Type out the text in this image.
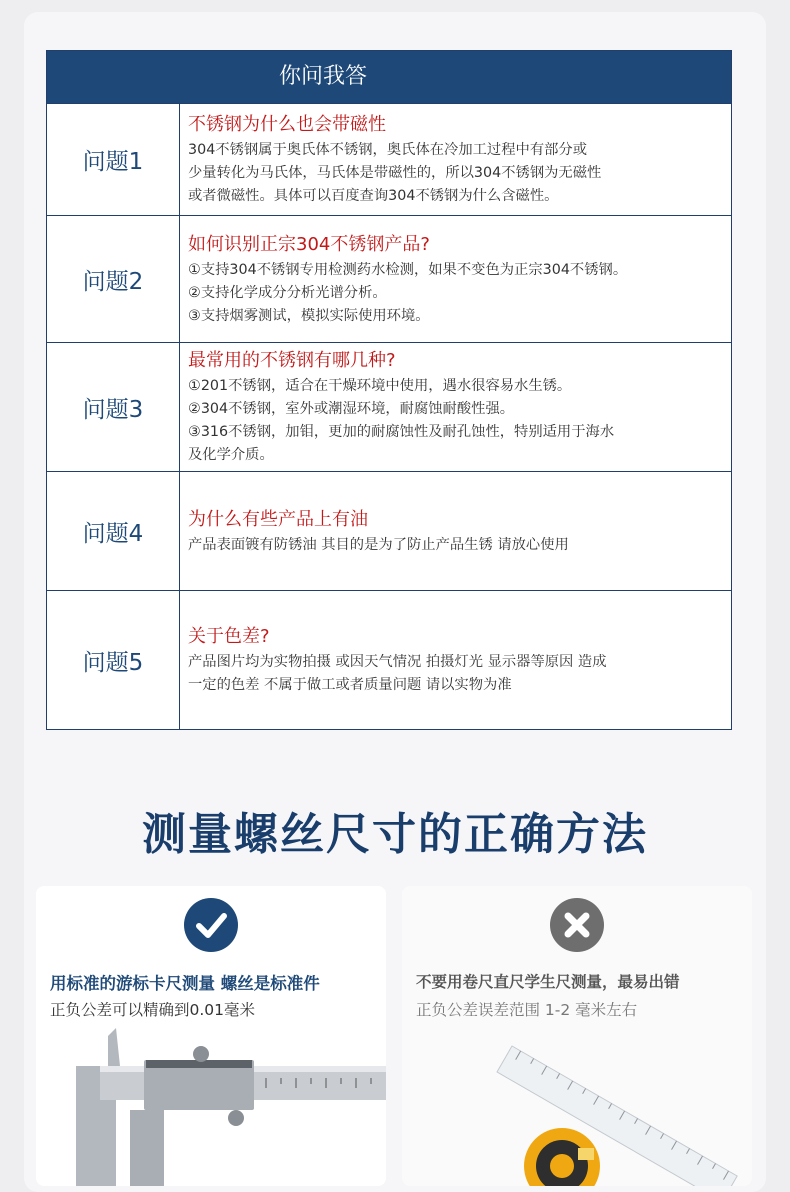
你问我答	

问题1	不锈钢为什么也会带磁性
304不锈钢属于奥氏体不锈钢，奥氏体在冷加工过程中有部分或
少量转化为马氏体，马氏体是带磁性的，所以304不锈钢为无磁性
或者微磁性。具体可以百度查询304不锈钢为什么含磁性。

问题2	如何识别正宗304不锈钢产品?
①支持304不锈钢专用检测药水检测，如果不变色为正宗304不锈钢。
②支持化学成分分析光谱分析。
③支持烟雾测试，模拟实际使用环境。

问题3	最常用的不锈钢有哪几种?
①201不锈钢，适合在干燥环境中使用，遇水很容易水生锈。
②304不锈钢，室外或潮湿环境，耐腐蚀耐酸性强。
③316不锈钢，加钼，更加的耐腐蚀性及耐孔蚀性，特别适用于海水
及化学介质。

问题4	为什么有些产品上有油
产品表面镀有防锈油 其目的是为了防止产品生锈 请放心使用

问题5	关于色差?
产品图片均为实物拍摄 或因天气情况 拍摄灯光 显示器等原因 造成
一定的色差 不属于做工或者质量问题 请以实物为准
测量螺丝尺寸的正确方法
用标准的游标卡尺测量 螺丝是标准件
正负公差可以精确到0.01毫米
不要用卷尺直尺学生尺测量，最易出错
正负公差误差范围 1-2 毫米左右
